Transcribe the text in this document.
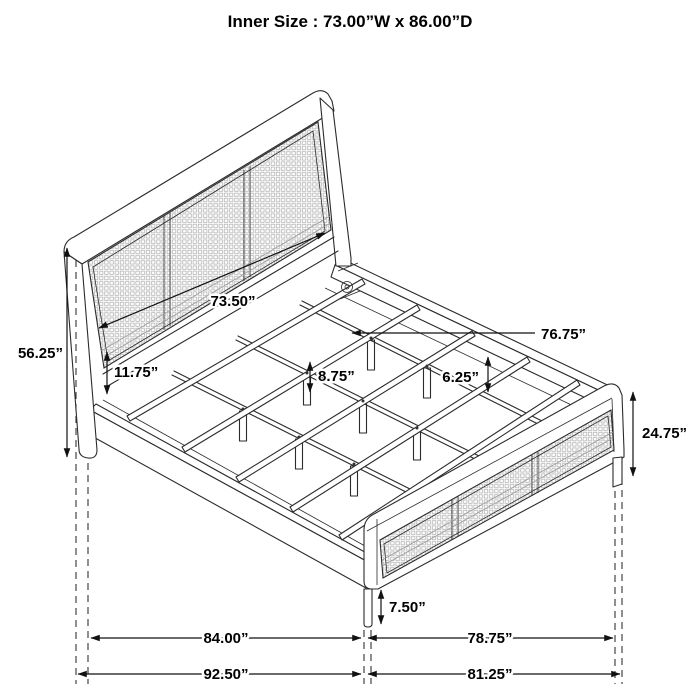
73.50”
76.75”
56.25”
11.75”	8.75”	6.25”
24.75”
7.50”
84.00”	78.75”
92.50”	81.25”
Inner Size : 73.00”W x 86.00”D
